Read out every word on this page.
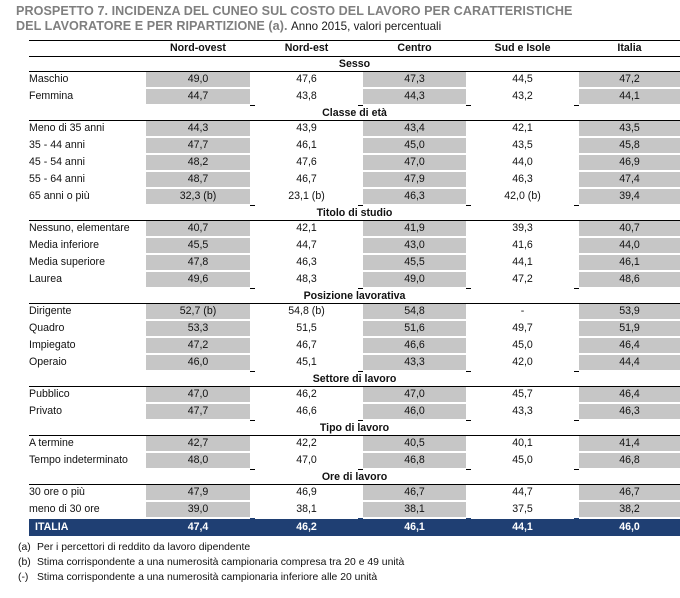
PROSPETTO 7. INCIDENZA DEL CUNEO SUL COSTO DEL LAVORO PER CARATTERISTICHE
DEL LAVORATORE E PER RIPARTIZIONE (a). Anno 2015, valori percentuali
	Nord-ovest		Nord-est		Centro		Sud e Isole		Italia
Sesso									
Maschio	49,0		47,6		47,3		44,5		47,2
Femmina	44,7		43,8		44,3		43,2		44,1
Classe di età									
Meno di 35 anni	44,3		43,9		43,4		42,1		43,5
35 - 44 anni	47,7		46,1		45,0		43,5		45,8
45 - 54 anni	48,2		47,6		47,0		44,0		46,9
55 - 64 anni	48,7		46,7		47,9		46,3		47,4
65 anni o più	32,3 (b)		23,1 (b)		46,3		42,0 (b)		39,4
Titolo di studio									
Nessuno, elementare	40,7		42,1		41,9		39,3		40,7
Media inferiore	45,5		44,7		43,0		41,6		44,0
Media superiore	47,8		46,3		45,5		44,1		46,1
Laurea	49,6		48,3		49,0		47,2		48,6
Posizione lavorativa									
Dirigente	52,7 (b)		54,8 (b)		54,8		-		53,9
Quadro	53,3		51,5		51,6		49,7		51,9
Impiegato	47,2		46,7		46,6		45,0		46,4
Operaio	46,0		45,1		43,3		42,0		44,4
Settore di lavoro									
Pubblico	47,0		46,2		47,0		45,7		46,4
Privato	47,7		46,6		46,0		43,3		46,3
Tipo di lavoro									
A termine	42,7		42,2		40,5		40,1		41,4
Tempo indeterminato	48,0		47,0		46,8		45,0		46,8
Ore di lavoro									
30 ore o più	47,9		46,9		46,7		44,7		46,7
meno di 30 ore	39,0		38,1		38,1		37,5		38,2
ITALIA	47,4		46,2		46,1		44,1		46,0
(a) Per i percettori di reddito da lavoro dipendente
(b) Stima corrispondente a una numerosità campionaria compresa tra 20 e 49 unità
(-) Stima corrispondente a una numerosità campionaria inferiore alle 20 unità
